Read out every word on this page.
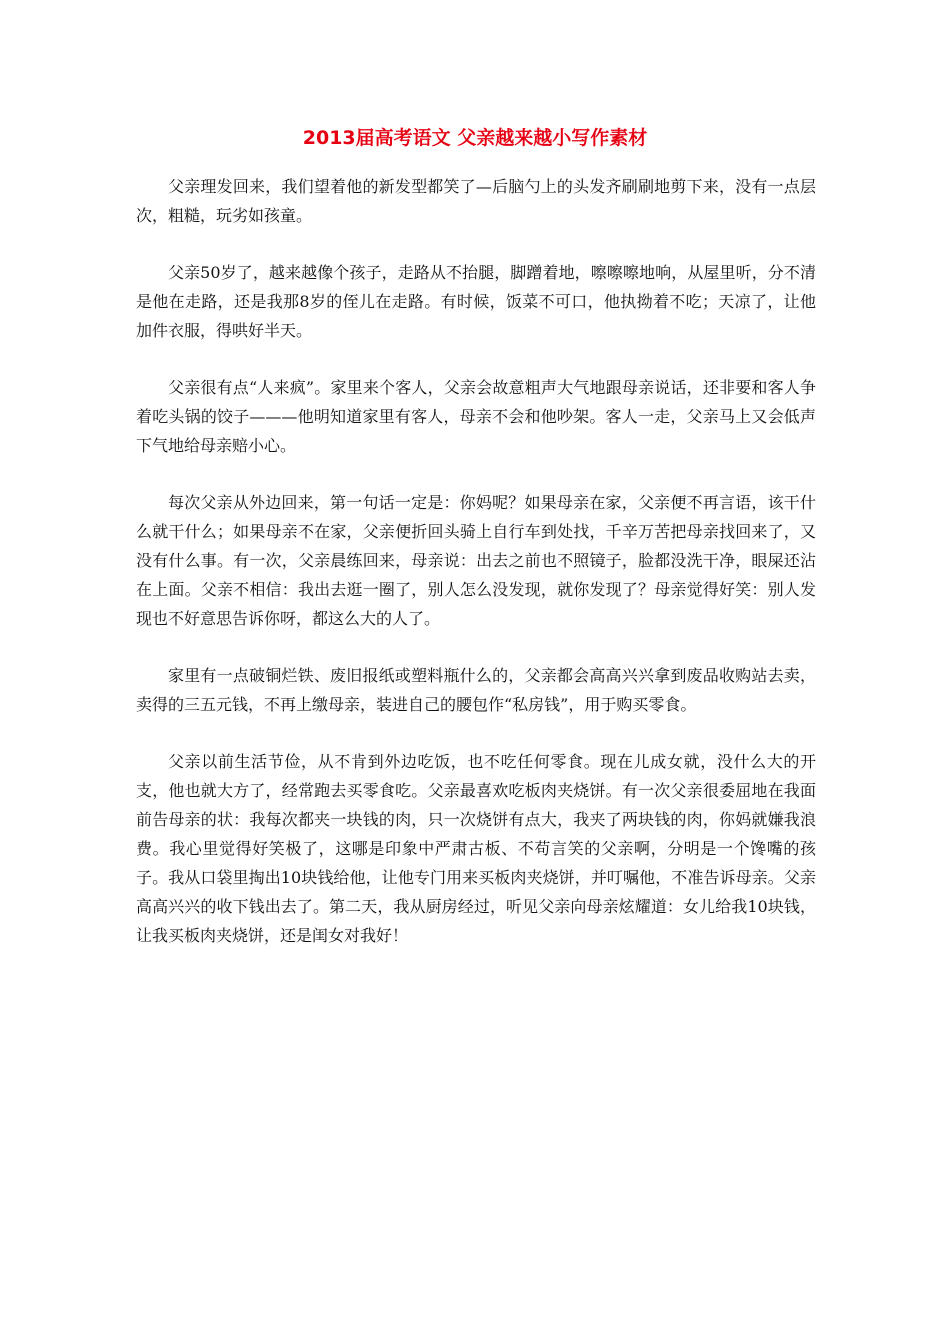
2013届高考语文 父亲越来越小写作素材

父亲理发回来，我们望着他的新发型都笑了—后脑勺上的头发齐刷刷地剪下来，没有一点层次，粗糙，玩劣如孩童。

父亲50岁了，越来越像个孩子，走路从不抬腿，脚蹭着地，嚓嚓嚓地响，从屋里听，分不清是他在走路，还是我那8岁的侄儿在走路。有时候，饭菜不可口，他执拗着不吃；天凉了，让他加件衣服，得哄好半天。

父亲很有点“人来疯”。家里来个客人，父亲会故意粗声大气地跟母亲说话，还非要和客人争着吃头锅的饺子———他明知道家里有客人，母亲不会和他吵架。客人一走，父亲马上又会低声下气地给母亲赔小心。

每次父亲从外边回来，第一句话一定是：你妈呢？如果母亲在家，父亲便不再言语，该干什么就干什么；如果母亲不在家，父亲便折回头骑上自行车到处找，千辛万苦把母亲找回来了，又没有什么事。有一次，父亲晨练回来，母亲说：出去之前也不照镜子，脸都没洗干净，眼屎还沾在上面。父亲不相信：我出去逛一圈了，别人怎么没发现，就你发现了？母亲觉得好笑：别人发现也不好意思告诉你呀，都这么大的人了。

家里有一点破铜烂铁、废旧报纸或塑料瓶什么的，父亲都会高高兴兴拿到废品收购站去卖，卖得的三五元钱，不再上缴母亲，装进自己的腰包作“私房钱”，用于购买零食。

父亲以前生活节俭，从不肯到外边吃饭，也不吃任何零食。现在儿成女就，没什么大的开支，他也就大方了，经常跑去买零食吃。父亲最喜欢吃板肉夹烧饼。有一次父亲很委屈地在我面前告母亲的状：我每次都夹一块钱的肉，只一次烧饼有点大，我夹了两块钱的肉，你妈就嫌我浪费。我心里觉得好笑极了，这哪是印象中严肃古板、不苟言笑的父亲啊，分明是一个馋嘴的孩子。我从口袋里掏出10块钱给他，让他专门用来买板肉夹烧饼，并叮嘱他，不准告诉母亲。父亲高高兴兴的收下钱出去了。第二天，我从厨房经过，听见父亲向母亲炫耀道：女儿给我10块钱，让我买板肉夹烧饼，还是闺女对我好！
